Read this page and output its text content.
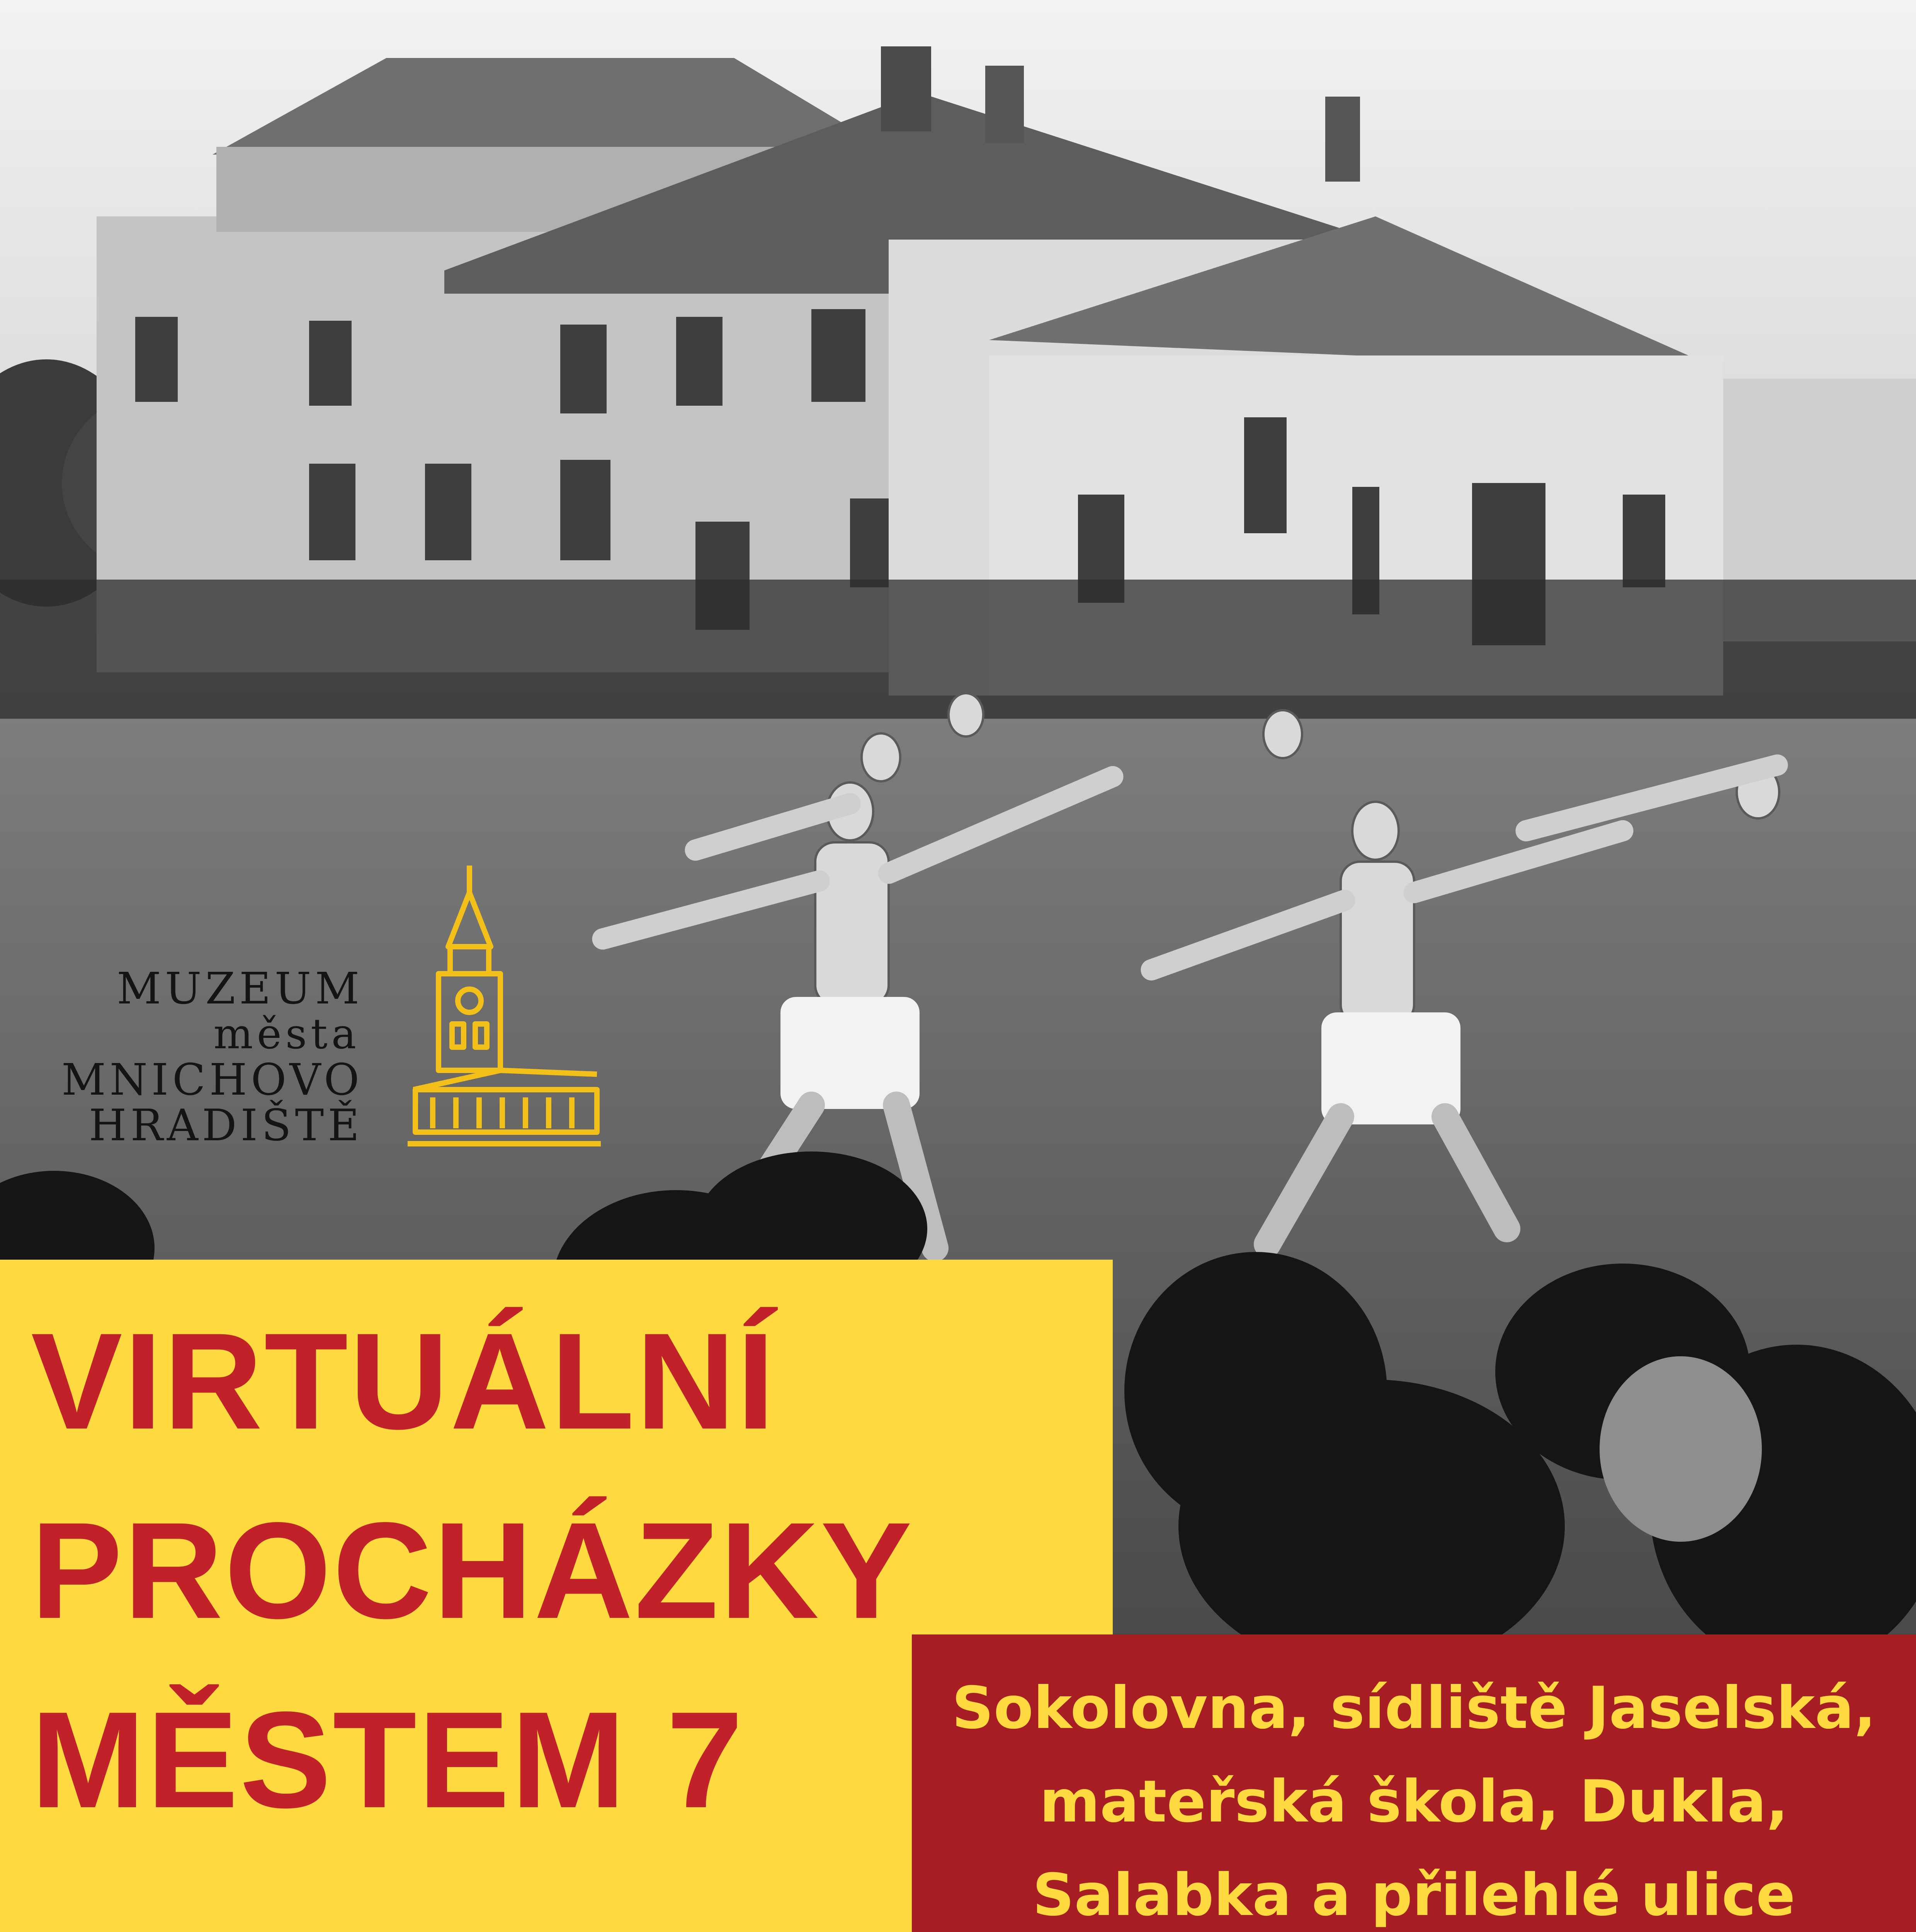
MUZEUM
města
MNICHOVO
HRADIŠTĚ
VIRTUÁLNÍ
PROCHÁZKY
MĚSTEM 7	Sokolovna, sídliště Jaselská,
mateřská škola, Dukla,
Salabka a přilehlé ulice
